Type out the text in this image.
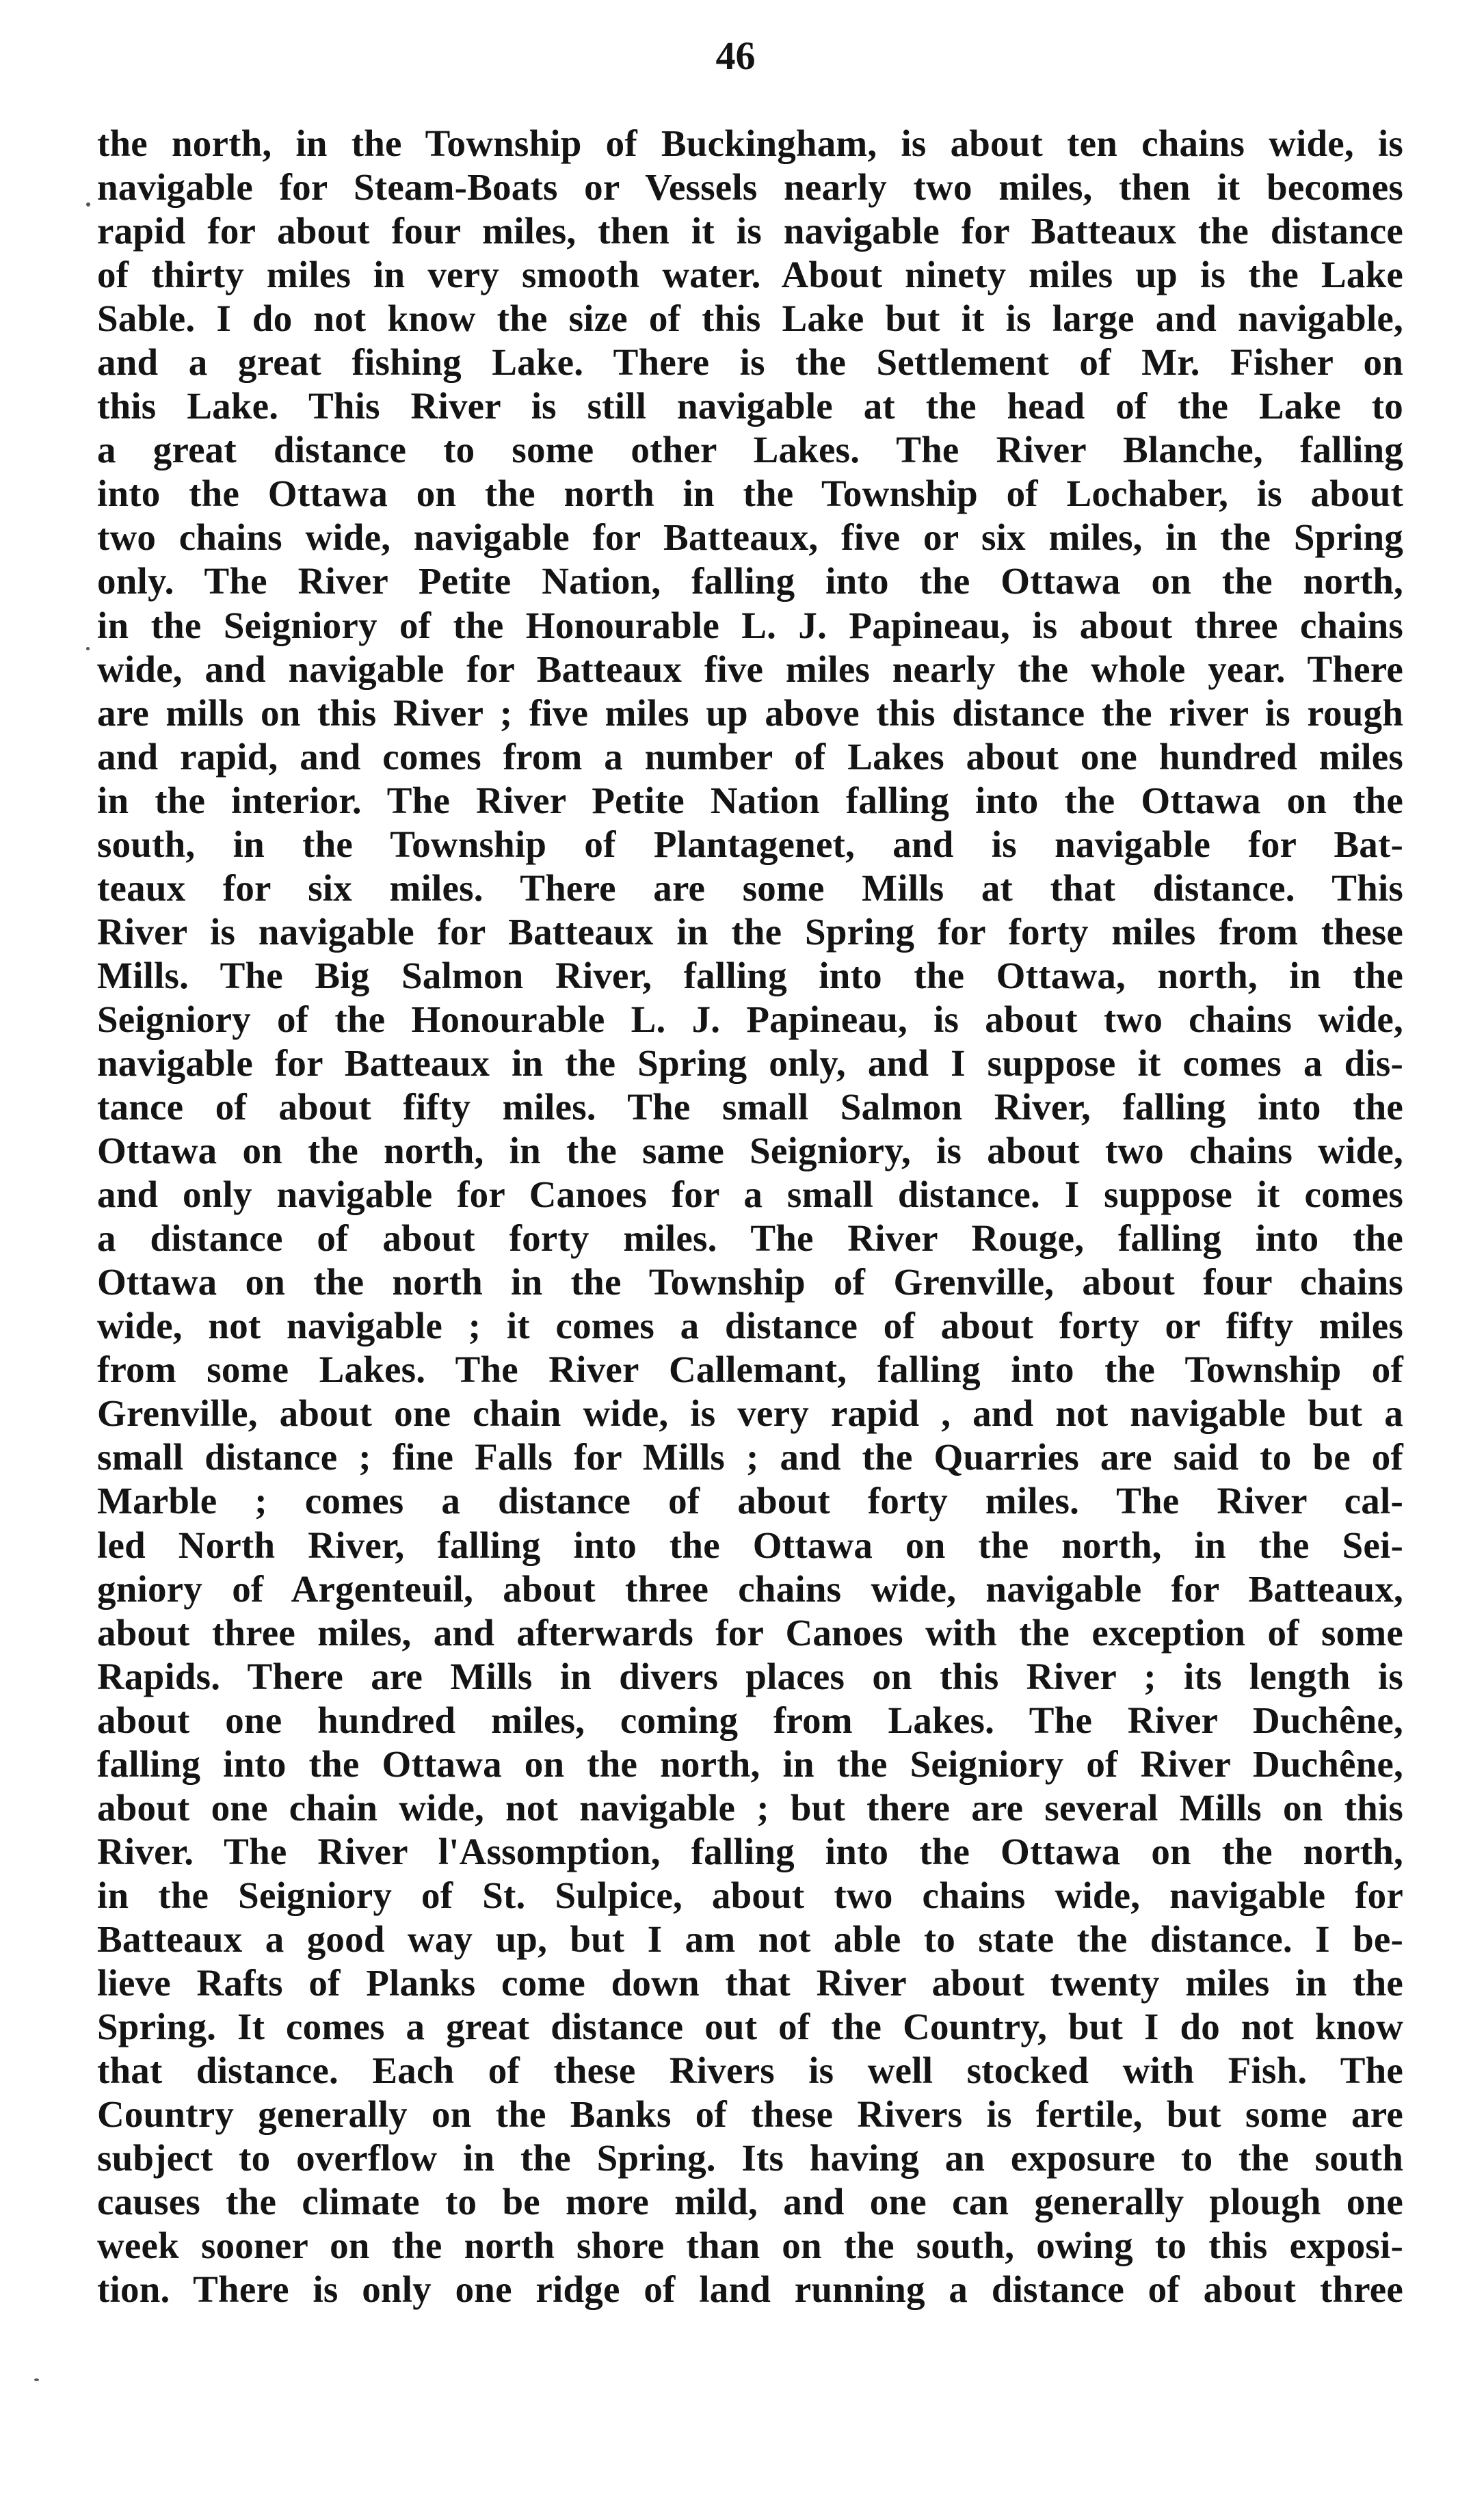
46
the north, in the Township of Buckingham, is about ten chains wide, is
navigable for Steam-Boats or Vessels nearly two miles, then it becomes
rapid for about four miles, then it is navigable for Batteaux the distance
of thirty miles in very smooth water. About ninety miles up is the Lake
Sable. I do not know the size of this Lake but it is large and navigable,
and a great fishing Lake. There is the Settlement of Mr. Fisher on
this Lake. This River is still navigable at the head of the Lake to
a great distance to some other Lakes. The River Blanche, falling
into the Ottawa on the north in the Township of Lochaber, is about
two chains wide, navigable for Batteaux, five or six miles, in the Spring
only. The River Petite Nation, falling into the Ottawa on the north,
in the Seigniory of the Honourable L. J. Papineau, is about three chains
wide, and navigable for Batteaux five miles nearly the whole year. There
are mills on this River ; five miles up above this distance the river is rough
and rapid, and comes from a number of Lakes about one hundred miles
in the interior. The River Petite Nation falling into the Ottawa on the
south, in the Township of Plantagenet, and is navigable for Bat-
teaux for six miles. There are some Mills at that distance. This
River is navigable for Batteaux in the Spring for forty miles from these
Mills. The Big Salmon River, falling into the Ottawa, north, in the
Seigniory of the Honourable L. J. Papineau, is about two chains wide,
navigable for Batteaux in the Spring only, and I suppose it comes a dis-
tance of about fifty miles. The small Salmon River, falling into the
Ottawa on the north, in the same Seigniory, is about two chains wide,
and only navigable for Canoes for a small distance. I suppose it comes
a distance of about forty miles. The River Rouge, falling into the
Ottawa on the north in the Township of Grenville, about four chains
wide, not navigable ; it comes a distance of about forty or fifty miles
from some Lakes. The River Callemant, falling into the Township of
Grenville, about one chain wide, is very rapid , and not navigable but a
small distance ; fine Falls for Mills ; and the Quarries are said to be of
Marble ; comes a distance of about forty miles. The River cal-
led North River, falling into the Ottawa on the north, in the Sei-
gniory of Argenteuil, about three chains wide, navigable for Batteaux,
about three miles, and afterwards for Canoes with the exception of some
Rapids. There are Mills in divers places on this River ; its length is
about one hundred miles, coming from Lakes. The River Duchêne,
falling into the Ottawa on the north, in the Seigniory of River Duchêne,
about one chain wide, not navigable ; but there are several Mills on this
River. The River l'Assomption, falling into the Ottawa on the north,
in the Seigniory of St. Sulpice, about two chains wide, navigable for
Batteaux a good way up, but I am not able to state the distance. I be-
lieve Rafts of Planks come down that River about twenty miles in the
Spring. It comes a great distance out of the Country, but I do not know
that distance. Each of these Rivers is well stocked with Fish. The
Country generally on the Banks of these Rivers is fertile, but some are
subject to overflow in the Spring. Its having an exposure to the south
causes the climate to be more mild, and one can generally plough one
week sooner on the north shore than on the south, owing to this exposi-
tion. There is only one ridge of land running a distance of about three
